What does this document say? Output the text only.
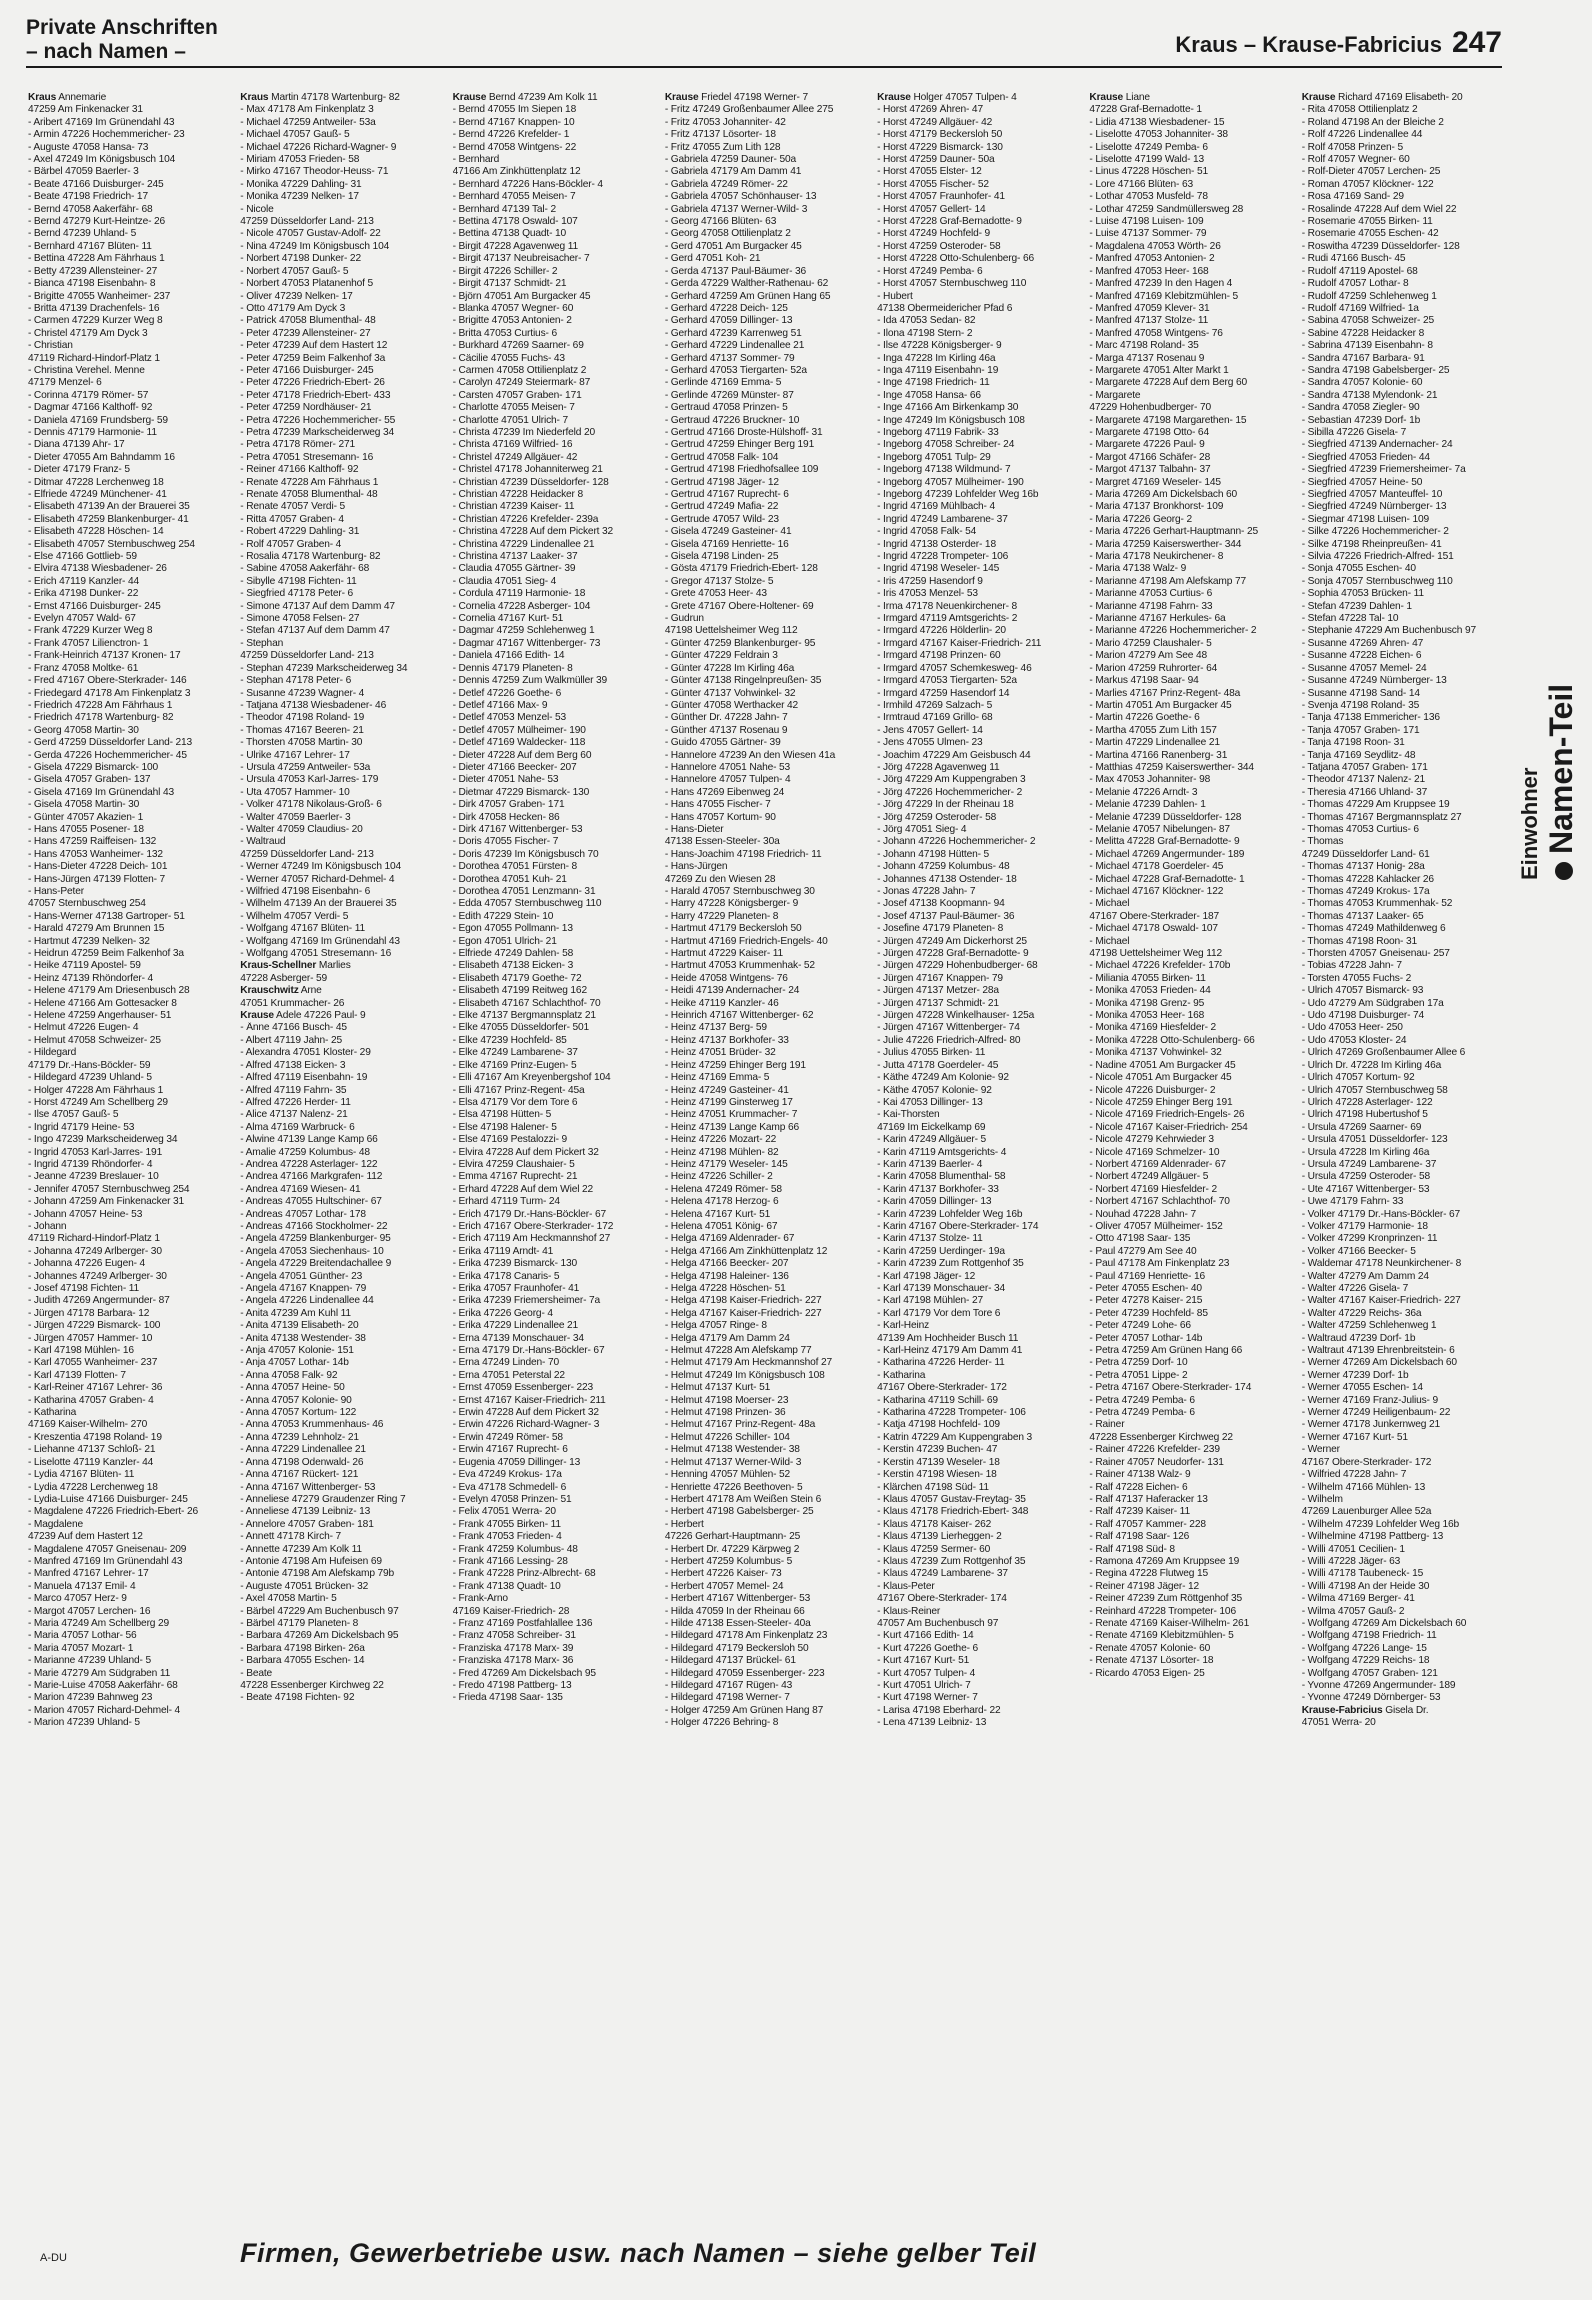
Private Anschriften
– nach Namen –	Kraus – Krause-Fabricius 247
Kraus Annemarie
47259 Am Finkenacker 31
- Aribert 47169 Im Grünendahl 43
- Armin 47226 Hochemmericher- 23
- Auguste 47058 Hansa- 73
- Axel 47249 Im Königsbusch 104
- Bärbel 47059 Baerler- 3
- Beate 47166 Duisburger- 245
- Beate 47198 Friedrich- 17
- Bernd 47058 Aakerfähr- 68
- Bernd 47279 Kurt-Heintze- 26
- Bernd 47239 Uhland- 5
- Bernhard 47167 Blüten- 11
- Bettina 47228 Am Fährhaus 1
- Betty 47239 Allensteiner- 27
- Bianca 47198 Eisenbahn- 8
- Brigitte 47055 Wanheimer- 237
- Britta 47139 Drachenfels- 16
- Carmen 47229 Kurzer Weg 8
- Christel 47179 Am Dyck 3
- Christian
47119 Richard-Hindorf-Platz 1
- Christina Verehel. Menne
47179 Menzel- 6
- Corinna 47179 Römer- 57
- Dagmar 47166 Kalthoff- 92
- Daniela 47169 Frundsberg- 59
- Dennis 47179 Harmonie- 11
- Diana 47139 Ahr- 17
- Dieter 47055 Am Bahndamm 16
- Dieter 47179 Franz- 5
- Ditmar 47228 Lerchenweg 18
- Elfriede 47249 Münchener- 41
- Elisabeth 47139 An der Brauerei 35
- Elisabeth 47259 Blankenburger- 41
- Elisabeth 47228 Höschen- 14
- Elisabeth 47057 Sternbuschweg 254
- Else 47166 Gottlieb- 59
- Elvira 47138 Wiesbadener- 26
- Erich 47119 Kanzler- 44
- Erika 47198 Dunker- 22
- Ernst 47166 Duisburger- 245
- Evelyn 47057 Wald- 67
- Frank 47229 Kurzer Weg 8
- Frank 47057 Lilienctron- 1
- Frank-Heinrich 47137 Kronen- 17
- Franz 47058 Moltke- 61
- Fred 47167 Obere-Sterkrader- 146
- Friedegard 47178 Am Finkenplatz 3
- Friedrich 47228 Am Fährhaus 1
- Friedrich 47178 Wartenburg- 82
- Georg 47058 Martin- 30
- Gerd 47259 Düsseldorfer Land- 213
- Gerda 47226 Hochemmericher- 45
- Gisela 47229 Bismarck- 100
- Gisela 47057 Graben- 137
- Gisela 47169 Im Grünendahl 43
- Gisela 47058 Martin- 30
- Günter 47057 Akazien- 1
- Hans 47055 Posener- 18
- Hans 47259 Raiffeisen- 132
- Hans 47053 Wanheimer- 132
- Hans-Dieter 47228 Deich- 101
- Hans-Jürgen 47139 Flotten- 7
- Hans-Peter
47057 Sternbuschweg 254
- Hans-Werner 47138 Gartroper- 51
- Harald 47279 Am Brunnen 15
- Hartmut 47239 Nelken- 32
- Heidrun 47259 Beim Falkenhof 3a
- Heike 47119 Apostel- 59
- Heinz 47139 Rhöndorfer- 4
- Helene 47179 Am Driesenbusch 28
- Helene 47166 Am Gottesacker 8
- Helene 47259 Angerhauser- 51
- Helmut 47226 Eugen- 4
- Helmut 47058 Schweizer- 25
- Hildegard
47179 Dr.-Hans-Böckler- 59
- Hildegard 47239 Uhland- 5
- Holger 47228 Am Fährhaus 1
- Horst 47249 Am Schellberg 29
- Ilse 47057 Gauß- 5
- Ingrid 47179 Heine- 53
- Ingo 47239 Markscheiderweg 34
- Ingrid 47053 Karl-Jarres- 191
- Ingrid 47139 Rhöndorfer- 4
- Jeanne 47239 Breslauer- 10
- Jennifer 47057 Sternbuschweg 254
- Johann 47259 Am Finkenacker 31
- Johann 47057 Heine- 53
- Johann
47119 Richard-Hindorf-Platz 1
- Johanna 47249 Arlberger- 30
- Johanna 47226 Eugen- 4
- Johannes 47249 Arlberger- 30
- Josef 47198 Fichten- 11
- Judith 47269 Angermunder- 87
- Jürgen 47178 Barbara- 12
- Jürgen 47229 Bismarck- 100
- Jürgen 47057 Hammer- 10
- Karl 47198 Mühlen- 16
- Karl 47055 Wanheimer- 237
- Karl 47139 Flotten- 7
- Karl-Reiner 47167 Lehrer- 36
- Katharina 47057 Graben- 4
- Katharina
47169 Kaiser-Wilhelm- 270
- Kreszentia 47198 Roland- 19
- Liehanne 47137 Schloß- 21
- Liselotte 47119 Kanzler- 44
- Lydia 47167 Blüten- 11
- Lydia 47228 Lerchenweg 18
- Lydia-Luise 47166 Duisburger- 245
- Magdalene 47226 Friedrich-Ebert- 26
- Magdalene
47239 Auf dem Hastert 12
- Magdalene 47057 Gneisenau- 209
- Manfred 47169 Im Grünendahl 43
- Manfred 47167 Lehrer- 17
- Manuela 47137 Emil- 4
- Marco 47057 Herz- 9
- Margot 47057 Lerchen- 16
- Maria 47249 Am Schellberg 29
- Maria 47057 Lothar- 56
- Maria 47057 Mozart- 1
- Marianne 47239 Uhland- 5
- Marie 47279 Am Südgraben 11
- Marie-Luise 47058 Aakerfähr- 68
- Marion 47239 Bahnweg 23
- Marion 47057 Richard-Dehmel- 4
- Marion 47239 Uhland- 5
Kraus Martin 47178 Wartenburg- 82
- Max 47178 Am Finkenplatz 3
- Michael 47259 Antweiler- 53a
- Michael 47057 Gauß- 5
- Michael 47226 Richard-Wagner- 9
- Miriam 47053 Frieden- 58
- Mirko 47167 Theodor-Heuss- 71
- Monika 47229 Dahling- 31
- Monika 47239 Nelken- 17
- Nicole
47259 Düsseldorfer Land- 213
- Nicole 47057 Gustav-Adolf- 22
- Nina 47249 Im Königsbusch 104
- Norbert 47198 Dunker- 22
- Norbert 47057 Gauß- 5
- Norbert 47053 Platanenhof 5
- Oliver 47239 Nelken- 17
- Otto 47179 Am Dyck 3
- Patrick 47058 Blumenthal- 48
- Peter 47239 Allensteiner- 27
- Peter 47239 Auf dem Hastert 12
- Peter 47259 Beim Falkenhof 3a
- Peter 47166 Duisburger- 245
- Peter 47226 Friedrich-Ebert- 26
- Peter 47178 Friedrich-Ebert- 433
- Peter 47259 Nordhäuser- 21
- Petra 47226 Hochemmericher- 55
- Petra 47239 Markscheiderweg 34
- Petra 47178 Römer- 271
- Petra 47051 Stresemann- 16
- Reiner 47166 Kalthoff- 92
- Renate 47228 Am Fährhaus 1
- Renate 47058 Blumenthal- 48
- Renate 47057 Verdi- 5
- Ritta 47057 Graben- 4
- Robert 47229 Dahling- 31
- Rolf 47057 Graben- 4
- Rosalia 47178 Wartenburg- 82
- Sabine 47058 Aakerfähr- 68
- Sibylle 47198 Fichten- 11
- Siegfried 47178 Peter- 6
- Simone 47137 Auf dem Damm 47
- Simone 47058 Felsen- 27
- Stefan 47137 Auf dem Damm 47
- Stephan
47259 Düsseldorfer Land- 213
- Stephan 47239 Markscheiderweg 34
- Stephan 47178 Peter- 6
- Susanne 47239 Wagner- 4
- Tatjana 47138 Wiesbadener- 46
- Theodor 47198 Roland- 19
- Thomas 47167 Beeren- 21
- Thorsten 47058 Martin- 30
- Ulrike 47167 Lehrer- 17
- Ursula 47259 Antweiler- 53a
- Ursula 47053 Karl-Jarres- 179
- Uta 47057 Hammer- 10
- Volker 47178 Nikolaus-Groß- 6
- Walter 47059 Baerler- 3
- Walter 47059 Claudius- 20
- Waltraud
47259 Düsseldorfer Land- 213
- Werner 47249 Im Königsbusch 104
- Werner 47057 Richard-Dehmel- 4
- Wilfried 47198 Eisenbahn- 6
- Wilhelm 47139 An der Brauerei 35
- Wilhelm 47057 Verdi- 5
- Wolfgang 47167 Blüten- 11
- Wolfgang 47169 Im Grünendahl 43
- Wolfgang 47051 Stresemann- 16
Kraus-Schellner Marlies
47228 Asberger- 59
Krauschwitz Arne
47051 Krummacher- 26
Krause Adele 47226 Paul- 9
- Änne 47166 Busch- 45
- Albert 47119 Jahn- 25
- Alexandra 47051 Kloster- 29
- Alfred 47138 Eicken- 3
- Alfred 47119 Eisenbahn- 19
- Alfred 47119 Fahrn- 35
- Alfred 47226 Herder- 11
- Alice 47137 Nalenz- 21
- Alma 47169 Warbruck- 6
- Alwine 47139 Lange Kamp 66
- Amalie 47259 Kolumbus- 48
- Andrea 47228 Asterlager- 122
- Andrea 47166 Markgrafen- 112
- Andrea 47169 Wiesen- 41
- Andreas 47055 Hultschiner- 67
- Andreas 47057 Lothar- 178
- Andreas 47166 Stockholmer- 22
- Angela 47259 Blankenburger- 95
- Angela 47053 Siechenhaus- 10
- Angela 47229 Breitendachallee 9
- Angela 47051 Günther- 23
- Angela 47167 Knappen- 79
- Angela 47226 Lindenallee 44
- Anita 47239 Am Kuhl 11
- Anita 47139 Elisabeth- 20
- Anita 47138 Westender- 38
- Anja 47057 Kolonie- 151
- Anja 47057 Lothar- 14b
- Anna 47058 Falk- 92
- Anna 47057 Heine- 50
- Anna 47057 Kolonie- 90
- Anna 47057 Kortum- 122
- Anna 47053 Krummenhaus- 46
- Anna 47239 Lehnholz- 21
- Anna 47229 Lindenallee 21
- Anna 47198 Odenwald- 26
- Anna 47167 Rückert- 121
- Anna 47167 Wittenberger- 53
- Anneliese 47279 Graudenzer Ring 7
- Anneliese 47139 Leibniz- 13
- Annelore 47057 Graben- 181
- Annett 47178 Kirch- 7
- Annette 47239 Am Kolk 11
- Antonie 47198 Am Hufeisen 69
- Antonie 47198 Am Alefskamp 79b
- Auguste 47051 Brücken- 32
- Axel 47058 Martin- 5
- Bärbel 47229 Am Buchenbusch 97
- Bärbel 47179 Planeten- 8
- Barbara 47269 Am Dickelsbach 95
- Barbara 47198 Birken- 26a
- Barbara 47055 Eschen- 14
- Beate
47228 Essenberger Kirchweg 22
- Beate 47198 Fichten- 92
Krause Bernd 47239 Am Kolk 11
- Bernd 47055 Im Siepen 18
- Bernd 47167 Knappen- 10
- Bernd 47226 Krefelder- 1
- Bernd 47058 Wintgens- 22
- Bernhard
47166 Am Zinkhüttenplatz 12
- Bernhard 47226 Hans-Böckler- 4
- Bernhard 47055 Meisen- 7
- Bernhard 47139 Tal- 2
- Bettina 47178 Oswald- 107
- Bettina 47138 Quadt- 10
- Birgit 47228 Agavenweg 11
- Birgit 47137 Neubreisacher- 7
- Birgit 47226 Schiller- 2
- Birgit 47137 Schmidt- 21
- Björn 47051 Am Burgacker 45
- Blanka 47057 Wegner- 60
- Brigitte 47053 Antonien- 2
- Britta 47053 Curtius- 6
- Burkhard 47269 Saarner- 69
- Cäcilie 47055 Fuchs- 43
- Carmen 47058 Ottilienplatz 2
- Carolyn 47249 Steiermark- 87
- Carsten 47057 Graben- 171
- Charlotte 47055 Meisen- 7
- Charlotte 47051 Ulrich- 7
- Christa 47239 Im Niederfeld 20
- Christa 47169 Wilfried- 16
- Christel 47249 Allgäuer- 42
- Christel 47178 Johanniterweg 21
- Christian 47239 Düsseldorfer- 128
- Christian 47228 Heidacker 8
- Christian 47239 Kaiser- 11
- Christian 47226 Krefelder- 239a
- Christina 47228 Auf dem Pickert 32
- Christina 47229 Lindenallee 21
- Christina 47137 Laaker- 37
- Claudia 47055 Gärtner- 39
- Claudia 47051 Sieg- 4
- Cordula 47119 Harmonie- 18
- Cornelia 47228 Asberger- 104
- Cornelia 47167 Kurt- 51
- Dagmar 47259 Schlehenweg 1
- Dagmar 47167 Wittenberger- 73
- Daniela 47166 Edith- 14
- Dennis 47179 Planeten- 8
- Dennis 47259 Zum Walkmüller 39
- Detlef 47226 Goethe- 6
- Detlef 47166 Max- 9
- Detlef 47053 Menzel- 53
- Detlef 47057 Mülheimer- 190
- Detlef 47169 Waldecker- 118
- Dieter 47228 Auf dem Berg 60
- Dieter 47166 Beecker- 207
- Dieter 47051 Nahe- 53
- Dietmar 47229 Bismarck- 130
- Dirk 47057 Graben- 171
- Dirk 47058 Hecken- 86
- Dirk 47167 Wittenberger- 53
- Doris 47055 Fischer- 7
- Doris 47239 Im Königsbusch 70
- Dorothea 47051 Fürsten- 8
- Dorothea 47051 Kuh- 21
- Dorothea 47051 Lenzmann- 31
- Edda 47057 Sternbuschweg 110
- Edith 47229 Stein- 10
- Egon 47055 Pollmann- 13
- Egon 47051 Ulrich- 21
- Elfriede 47249 Dahlen- 58
- Elisabeth 47138 Eicken- 3
- Elisabeth 47179 Goethe- 72
- Elisabeth 47199 Reitweg 162
- Elisabeth 47167 Schlachthof- 70
- Elke 47137 Bergmannsplatz 21
- Elke 47055 Düsseldorfer- 501
- Elke 47239 Hochfeld- 85
- Elke 47249 Lambarene- 37
- Elke 47169 Prinz-Eugen- 5
- Elli 47167 Am Kreyenbergshof 104
- Elli 47167 Prinz-Regent- 45a
- Elsa 47179 Vor dem Tore 6
- Elsa 47198 Hütten- 5
- Else 47198 Halener- 5
- Else 47169 Pestalozzi- 9
- Elvira 47228 Auf dem Pickert 32
- Elvira 47259 Claushaier- 5
- Emma 47167 Ruprecht- 21
- Erhard 47228 Auf dem Wiel 22
- Erhard 47119 Turm- 24
- Erich 47179 Dr.-Hans-Böckler- 67
- Erich 47167 Obere-Sterkrader- 172
- Erich 47119 Am Heckmannshof 27
- Erika 47119 Arndt- 41
- Erika 47239 Bismarck- 130
- Erika 47178 Canaris- 5
- Erika 47057 Fraunhofer- 41
- Erika 47239 Friemersheimer- 7a
- Erika 47226 Georg- 4
- Erika 47229 Lindenallee 21
- Erna 47139 Monschauer- 34
- Erna 47179 Dr.-Hans-Böckler- 67
- Erna 47249 Linden- 70
- Erna 47051 Peterstal 22
- Ernst 47059 Essenberger- 223
- Ernst 47167 Kaiser-Friedrich- 211
- Erwin 47228 Auf dem Pickert 32
- Erwin 47226 Richard-Wagner- 3
- Erwin 47249 Römer- 58
- Erwin 47167 Ruprecht- 6
- Eugenia 47059 Dillinger- 13
- Eva 47249 Krokus- 17a
- Eva 47178 Schmedell- 6
- Evelyn 47058 Prinzen- 51
- Felix 47051 Werra- 20
- Frank 47055 Birken- 11
- Frank 47053 Frieden- 4
- Frank 47259 Kolumbus- 48
- Frank 47166 Lessing- 28
- Frank 47228 Prinz-Albrecht- 68
- Frank 47138 Quadt- 10
- Frank-Arno
47169 Kaiser-Friedrich- 28
- Franz 47169 Postfahlallee 136
- Franz 47058 Schreiber- 31
- Franziska 47178 Marx- 39
- Franziska 47178 Marx- 36
- Fred 47269 Am Dickelsbach 95
- Fredo 47198 Pattberg- 13
- Frieda 47198 Saar- 135
Krause Friedel 47198 Werner- 7
- Fritz 47249 Großenbaumer Allee 275
- Fritz 47053 Johanniter- 42
- Fritz 47137 Lösorter- 18
- Fritz 47055 Zum Lith 128
- Gabriela 47259 Dauner- 50a
- Gabriela 47179 Am Damm 41
- Gabriela 47249 Römer- 22
- Gabriela 47057 Schönhauser- 13
- Gabriela 47137 Werner-Wild- 3
- Georg 47166 Blüten- 63
- Georg 47058 Ottilienplatz 2
- Gerd 47051 Am Burgacker 45
- Gerd 47051 Koh- 21
- Gerda 47137 Paul-Bäumer- 36
- Gerda 47229 Walther-Rathenau- 62
- Gerhard 47259 Am Grünen Hang 65
- Gerhard 47228 Deich- 125
- Gerhard 47059 Dillinger- 13
- Gerhard 47239 Karrenweg 51
- Gerhard 47229 Lindenallee 21
- Gerhard 47137 Sommer- 79
- Gerhard 47053 Tiergarten- 52a
- Gerlinde 47169 Emma- 5
- Gerlinde 47269 Münster- 87
- Gertraud 47058 Prinzen- 5
- Gertraud 47226 Bruckner- 10
- Gertrud 47166 Droste-Hülshoff- 31
- Gertrud 47259 Ehinger Berg 191
- Gertrud 47058 Falk- 104
- Gertrud 47198 Friedhofsallee 109
- Gertrud 47198 Jäger- 12
- Gertrud 47167 Ruprecht- 6
- Gertrud 47249 Mafia- 22
- Gertrude 47057 Wild- 23
- Gisela 47249 Gasteiner- 41
- Gisela 47169 Henriette- 16
- Gisela 47198 Linden- 25
- Gösta 47179 Friedrich-Ebert- 128
- Gregor 47137 Stolze- 5
- Grete 47053 Heer- 43
- Grete 47167 Obere-Holtener- 69
- Gudrun
47198 Uettelsheimer Weg 112
- Günter 47259 Blankenburger- 95
- Günter 47229 Feldrain 3
- Günter 47228 Im Kirling 46a
- Günter 47138 Ringelnpreußen- 35
- Günter 47137 Vohwinkel- 32
- Günter 47058 Werthacker 42
- Günther Dr. 47228 Jahn- 7
- Günther 47137 Rosenau 9
- Guido 47055 Gärtner- 39
- Hannelore 47239 An den Wiesen 41a
- Hannelore 47051 Nahe- 53
- Hannelore 47057 Tulpen- 4
- Hans 47269 Eibenweg 24
- Hans 47055 Fischer- 7
- Hans 47057 Kortum- 90
- Hans-Dieter
47138 Essen-Steeler- 30a
- Hans-Joachim 47198 Friedrich- 11
- Hans-Jürgen
47269 Zu den Wiesen 28
- Harald 47057 Sternbuschweg 30
- Harry 47228 Königsberger- 9
- Harry 47229 Planeten- 8
- Hartmut 47179 Beckersloh 50
- Hartmut 47169 Friedrich-Engels- 40
- Hartmut 47229 Kaiser- 11
- Hartmut 47053 Krummenhak- 52
- Heide 47058 Wintgens- 76
- Heidi 47139 Andernacher- 24
- Heike 47119 Kanzler- 46
- Heinrich 47167 Wittenberger- 62
- Heinz 47137 Berg- 59
- Heinz 47137 Borkhofer- 33
- Heinz 47051 Brüder- 32
- Heinz 47259 Ehinger Berg 191
- Heinz 47169 Emma- 5
- Heinz 47249 Gasteiner- 41
- Heinz 47199 Ginsterweg 17
- Heinz 47051 Krummacher- 7
- Heinz 47139 Lange Kamp 66
- Heinz 47226 Mozart- 22
- Heinz 47198 Mühlen- 82
- Heinz 47179 Weseler- 145
- Heinz 47226 Schiller- 2
- Helena 47249 Römer- 58
- Helena 47178 Herzog- 6
- Helena 47167 Kurt- 51
- Helena 47051 König- 67
- Helga 47169 Aldenrader- 67
- Helga 47166 Am Zinkhüttenplatz 12
- Helga 47166 Beecker- 207
- Helga 47198 Haleiner- 136
- Helga 47228 Höschen- 51
- Helga 47198 Kaiser-Friedrich- 227
- Helga 47167 Kaiser-Friedrich- 227
- Helga 47057 Ringe- 8
- Helga 47179 Am Damm 24
- Helmut 47228 Am Alefskamp 77
- Helmut 47179 Am Heckmannshof 27
- Helmut 47249 Im Königsbusch 108
- Helmut 47137 Kurt- 51
- Helmut 47198 Moerser- 23
- Helmut 47198 Prinzen- 36
- Helmut 47167 Prinz-Regent- 48a
- Helmut 47226 Schiller- 104
- Helmut 47138 Westender- 38
- Helmut 47137 Werner-Wild- 3
- Henning 47057 Mühlen- 52
- Henriette 47226 Beethoven- 5
- Herbert 47178 Am Weißen Stein 6
- Herbert 47198 Gabelsberger- 25
- Herbert
47226 Gerhart-Hauptmann- 25
- Herbert Dr. 47229 Kärpweg 2
- Herbert 47259 Kolumbus- 5
- Herbert 47226 Kaiser- 73
- Herbert 47057 Memel- 24
- Herbert 47167 Wittenberger- 53
- Hilda 47059 In der Rheinau 66
- Hilde 47138 Essen-Steeler- 40a
- Hildegard 47178 Am Finkenplatz 23
- Hildegard 47179 Beckersloh 50
- Hildegard 47137 Brückel- 61
- Hildegard 47059 Essenberger- 223
- Hildegard 47167 Rügen- 43
- Hildegard 47198 Werner- 7
- Holger 47259 Am Grünen Hang 87
- Holger 47226 Behring- 8
Krause Holger 47057 Tulpen- 4
- Horst 47269 Ähren- 47
- Horst 47249 Allgäuer- 42
- Horst 47179 Beckersloh 50
- Horst 47229 Bismarck- 130
- Horst 47259 Dauner- 50a
- Horst 47055 Elster- 12
- Horst 47055 Fischer- 52
- Horst 47057 Fraunhofer- 41
- Horst 47057 Gellert- 14
- Horst 47228 Graf-Bernadotte- 9
- Horst 47249 Hochfeld- 9
- Horst 47259 Osteroder- 58
- Horst 47228 Otto-Schulenberg- 66
- Horst 47249 Pemba- 6
- Horst 47057 Sternbuschweg 110
- Hubert
47138 Obermeidericher Pfad 6
- Ida 47053 Sedan- 82
- Ilona 47198 Stern- 2
- Ilse 47228 Königsberger- 9
- Inga 47228 Im Kirling 46a
- Inga 47119 Eisenbahn- 19
- Inge 47198 Friedrich- 11
- Inge 47058 Hansa- 66
- Inge 47166 Am Birkenkamp 30
- Inge 47249 Im Königsbusch 108
- Ingeborg 47119 Fabrik- 33
- Ingeborg 47058 Schreiber- 24
- Ingeborg 47051 Tulp- 29
- Ingeborg 47138 Wildmund- 7
- Ingeborg 47057 Mülheimer- 190
- Ingeborg 47239 Lohfelder Weg 16b
- Ingrid 47169 Mühlbach- 4
- Ingrid 47249 Lambarene- 37
- Ingrid 47058 Falk- 54
- Ingrid 47138 Osterder- 18
- Ingrid 47228 Trompeter- 106
- Ingrid 47198 Weseler- 145
- Iris 47259 Hasendorf 9
- Iris 47053 Menzel- 53
- Irma 47178 Neuenkirchener- 8
- Irmgard 47119 Amtsgerichts- 2
- Irmgard 47226 Hölderlin- 20
- Irmgard 47167 Kaiser-Friedrich- 211
- Irmgard 47198 Prinzen- 60
- Irmgard 47057 Schemkesweg- 46
- Irmgard 47053 Tiergarten- 52a
- Irmgard 47259 Hasendorf 14
- Irmhild 47269 Salzach- 5
- Irmtraud 47169 Grillo- 68
- Jens 47057 Gellert- 14
- Jens 47055 Ulmen- 23
- Joachim 47229 Am Geisbusch 44
- Jörg 47228 Agavenweg 11
- Jörg 47229 Am Kuppengraben 3
- Jörg 47226 Hochemmericher- 2
- Jörg 47229 In der Rheinau 18
- Jörg 47259 Osteroder- 58
- Jörg 47051 Sieg- 4
- Johann 47226 Hochemmericher- 2
- Johann 47198 Hütten- 5
- Johann 47259 Kolumbus- 48
- Johannes 47138 Ostender- 18
- Jonas 47228 Jahn- 7
- Josef 47138 Koopmann- 94
- Josef 47137 Paul-Bäumer- 36
- Josefine 47179 Planeten- 8
- Jürgen 47249 Am Dickerhorst 25
- Jürgen 47228 Graf-Bernadotte- 9
- Jürgen 47229 Hohenbudberger- 68
- Jürgen 47167 Knappen- 79
- Jürgen 47137 Metzer- 28a
- Jürgen 47137 Schmidt- 21
- Jürgen 47228 Winkelhauser- 125a
- Jürgen 47167 Wittenberger- 74
- Julie 47226 Friedrich-Alfred- 80
- Julius 47055 Birken- 11
- Jutta 47178 Goerdeler- 45
- Käthe 47249 Am Kolonie- 92
- Käthe 47057 Kolonie- 92
- Kai 47053 Dillinger- 13
- Kai-Thorsten
47169 Im Eickelkamp 69
- Karin 47249 Allgäuer- 5
- Karin 47119 Amtsgerichts- 4
- Karin 47139 Baerler- 4
- Karin 47058 Blumenthal- 58
- Karin 47137 Borkhofer- 33
- Karin 47059 Dillinger- 13
- Karin 47239 Lohfelder Weg 16b
- Karin 47167 Obere-Sterkrader- 174
- Karin 47137 Stolze- 11
- Karin 47259 Uerdinger- 19a
- Karin 47239 Zum Rottgenhof 35
- Karl 47198 Jäger- 12
- Karl 47139 Monschauer- 34
- Karl 47198 Mühlen- 27
- Karl 47179 Vor dem Tore 6
- Karl-Heinz
47139 Am Hochheider Busch 11
- Karl-Heinz 47179 Am Damm 41
- Katharina 47226 Herder- 11
- Katharina
47167 Obere-Sterkrader- 172
- Katharina 47119 Schill- 69
- Katharina 47228 Trompeter- 106
- Katja 47198 Hochfeld- 109
- Katrin 47229 Am Kuppengraben 3
- Kerstin 47239 Buchen- 47
- Kerstin 47139 Weseler- 18
- Kerstin 47198 Wiesen- 18
- Klärchen 47198 Süd- 11
- Klaus 47057 Gustav-Freytag- 35
- Klaus 47178 Friedrich-Ebert- 348
- Klaus 47178 Kaiser- 262
- Klaus 47139 Lierheggen- 2
- Klaus 47259 Sermer- 60
- Klaus 47239 Zum Rottgenhof 35
- Klaus 47249 Lambarene- 37
- Klaus-Peter
47167 Obere-Sterkrader- 174
- Klaus-Reiner
47057 Am Buchenbusch 97
- Kurt 47166 Edith- 14
- Kurt 47226 Goethe- 6
- Kurt 47167 Kurt- 51
- Kurt 47057 Tulpen- 4
- Kurt 47051 Ulrich- 7
- Kurt 47198 Werner- 7
- Larisa 47198 Eberhard- 22
- Lena 47139 Leibniz- 13
Krause Liane
47228 Graf-Bernadotte- 1
- Lidia 47138 Wiesbadener- 15
- Liselotte 47053 Johanniter- 38
- Liselotte 47249 Pemba- 6
- Liselotte 47199 Wald- 13
- Linus 47228 Höschen- 51
- Lore 47166 Blüten- 63
- Lothar 47053 Musfeld- 78
- Lothar 47259 Sandmüllersweg 28
- Luise 47198 Luisen- 109
- Luise 47137 Sommer- 79
- Magdalena 47053 Wörth- 26
- Manfred 47053 Antonien- 2
- Manfred 47053 Heer- 168
- Manfred 47239 In den Hagen 4
- Manfred 47169 Klebitzmühlen- 5
- Manfred 47059 Klever- 31
- Manfred 47137 Stolze- 11
- Manfred 47058 Wintgens- 76
- Marc 47198 Roland- 35
- Marga 47137 Rosenau 9
- Margarete 47051 Alter Markt 1
- Margarete 47228 Auf dem Berg 60
- Margarete
47229 Hohenbudberger- 70
- Margarete 47198 Margarethen- 15
- Margarete 47198 Otto- 64
- Margarete 47226 Paul- 9
- Margot 47166 Schäfer- 28
- Margot 47137 Talbahn- 37
- Margret 47169 Weseler- 145
- Maria 47269 Am Dickelsbach 60
- Maria 47137 Bronkhorst- 109
- Maria 47226 Georg- 2
- Maria 47226 Gerhart-Hauptmann- 25
- Maria 47259 Kaiserswerther- 344
- Maria 47178 Neukirchener- 8
- Maria 47138 Walz- 9
- Marianne 47198 Am Alefskamp 77
- Marianne 47053 Curtius- 6
- Marianne 47198 Fahrn- 33
- Marianne 47167 Herkules- 6a
- Marianne 47226 Hochemmericher- 2
- Mario 47259 Claushaler- 5
- Marion 47279 Am See 48
- Marion 47259 Ruhrorter- 64
- Markus 47198 Saar- 94
- Marlies 47167 Prinz-Regent- 48a
- Martin 47051 Am Burgacker 45
- Martin 47226 Goethe- 6
- Martha 47055 Zum Lith 157
- Martin 47229 Lindenallee 21
- Martina 47166 Ranenberg- 31
- Matthias 47259 Kaiserswerther- 344
- Max 47053 Johanniter- 98
- Melanie 47226 Arndt- 3
- Melanie 47239 Dahlen- 1
- Melanie 47239 Düsseldorfer- 128
- Melanie 47057 Nibelungen- 87
- Melitta 47228 Graf-Bernadotte- 9
- Michael 47269 Angermunder- 189
- Michael 47178 Goerdeler- 45
- Michael 47228 Graf-Bernadotte- 1
- Michael 47167 Klöckner- 122
- Michael
47167 Obere-Sterkrader- 187
- Michael 47178 Oswald- 107
- Michael
47198 Uettelsheimer Weg 112
- Michael 47226 Krefelder- 170b
- Miliania 47055 Birken- 11
- Monika 47053 Frieden- 44
- Monika 47198 Grenz- 95
- Monika 47053 Heer- 168
- Monika 47169 Hiesfelder- 2
- Monika 47228 Otto-Schulenberg- 66
- Monika 47137 Vohwinkel- 32
- Nadine 47051 Am Burgacker 45
- Nicole 47051 Am Burgacker 45
- Nicole 47226 Duisburger- 2
- Nicole 47259 Ehinger Berg 191
- Nicole 47169 Friedrich-Engels- 26
- Nicole 47167 Kaiser-Friedrich- 254
- Nicole 47279 Kehrwieder 3
- Nicole 47169 Schmelzer- 10
- Norbert 47169 Aldenrader- 67
- Norbert 47249 Allgäuer- 5
- Norbert 47169 Hiesfelder- 2
- Norbert 47167 Schlachthof- 70
- Nouhad 47228 Jahn- 7
- Oliver 47057 Mülheimer- 152
- Otto 47198 Saar- 135
- Paul 47279 Am See 40
- Paul 47178 Am Finkenplatz 23
- Paul 47169 Henriette- 16
- Peter 47055 Eschen- 40
- Peter 47278 Kaiser- 215
- Peter 47239 Hochfeld- 85
- Peter 47249 Lohe- 66
- Peter 47057 Lothar- 14b
- Petra 47259 Am Grünen Hang 66
- Petra 47259 Dorf- 10
- Petra 47051 Lippe- 2
- Petra 47167 Obere-Sterkrader- 174
- Petra 47249 Pemba- 6
- Petra 47249 Pemba- 6
- Rainer
47228 Essenberger Kirchweg 22
- Rainer 47226 Krefelder- 239
- Rainer 47057 Neudorfer- 131
- Rainer 47138 Walz- 9
- Ralf 47228 Eichen- 6
- Ralf 47137 Haferacker 13
- Ralf 47239 Kaiser- 11
- Ralf 47057 Kammer- 228
- Ralf 47198 Saar- 126
- Ralf 47198 Süd- 8
- Ramona 47269 Am Kruppsee 19
- Regina 47228 Flutweg 15
- Reiner 47198 Jäger- 12
- Reiner 47239 Zum Röttgenhof 35
- Reinhard 47228 Trompeter- 106
- Renate 47169 Kaiser-Wilhelm- 261
- Renate 47169 Klebitzmühlen- 5
- Renate 47057 Kolonie- 60
- Renate 47137 Lösorter- 18
- Ricardo 47053 Eigen- 25
Krause Richard 47169 Elisabeth- 20
- Rita 47058 Ottilienplatz 2
- Roland 47198 An der Bleiche 2
- Rolf 47226 Lindenallee 44
- Rolf 47058 Prinzen- 5
- Rolf 47057 Wegner- 60
- Rolf-Dieter 47057 Lerchen- 25
- Roman 47057 Klöckner- 122
- Rosa 47169 Sand- 29
- Rosalinde 47228 Auf dem Wiel 22
- Rosemarie 47055 Birken- 11
- Rosemarie 47055 Eschen- 42
- Roswitha 47239 Düsseldorfer- 128
- Rudi 47166 Busch- 45
- Rudolf 47119 Apostel- 68
- Rudolf 47057 Lothar- 8
- Rudolf 47259 Schlehenweg 1
- Rudolf 47169 Wilfried- 1a
- Sabina 47058 Schweizer- 25
- Sabine 47228 Heidacker 8
- Sabrina 47139 Eisenbahn- 8
- Sandra 47167 Barbara- 91
- Sandra 47198 Gabelsberger- 25
- Sandra 47057 Kolonie- 60
- Sandra 47138 Mylendonk- 21
- Sandra 47058 Ziegler- 90
- Sebastian 47239 Dorf- 1b
- Sibilla 47226 Gisela- 7
- Siegfried 47139 Andernacher- 24
- Siegfried 47053 Frieden- 44
- Siegfried 47239 Friemersheimer- 7a
- Siegfried 47057 Heine- 50
- Siegfried 47057 Manteuffel- 10
- Siegfried 47249 Nürnberger- 13
- Siegmar 47198 Luisen- 109
- Silke 47226 Hochemmericher- 2
- Silke 47198 Rheinpreußen- 41
- Silvia 47226 Friedrich-Alfred- 151
- Sonja 47055 Eschen- 40
- Sonja 47057 Sternbuschweg 110
- Sophia 47053 Brücken- 11
- Stefan 47239 Dahlen- 1
- Stefan 47228 Tal- 10
- Stephanie 47229 Am Buchenbusch 97
- Susanne 47269 Ähren- 47
- Susanne 47228 Eichen- 6
- Susanne 47057 Memel- 24
- Susanne 47249 Nürnberger- 13
- Susanne 47198 Sand- 14
- Svenja 47198 Roland- 35
- Tanja 47138 Emmericher- 136
- Tanja 47057 Graben- 171
- Tanja 47198 Roon- 31
- Tanja 47169 Seydlitz- 48
- Tatjana 47057 Graben- 171
- Theodor 47137 Nalenz- 21
- Theresia 47166 Uhland- 37
- Thomas 47229 Am Kruppsee 19
- Thomas 47167 Bergmannsplatz 27
- Thomas 47053 Curtius- 6
- Thomas
47249 Düsseldorfer Land- 61
- Thomas 47137 Honig- 28a
- Thomas 47228 Kahlacker 26
- Thomas 47249 Krokus- 17a
- Thomas 47053 Krummenhak- 52
- Thomas 47137 Laaker- 65
- Thomas 47249 Mathildenweg 6
- Thomas 47198 Roon- 31
- Thorsten 47057 Gneisenau- 257
- Tobias 47228 Jahn- 7
- Torsten 47055 Fuchs- 2
- Ulrich 47057 Bismarck- 93
- Udo 47279 Am Südgraben 17a
- Udo 47198 Duisburger- 74
- Udo 47053 Heer- 250
- Udo 47053 Kloster- 24
- Ulrich 47269 Großenbaumer Allee 6
- Ulrich Dr. 47228 Im Kirling 46a
- Ulrich 47057 Kortum- 92
- Ulrich 47057 Sternbuschweg 58
- Ulrich 47228 Asterlager- 122
- Ulrich 47198 Hubertushof 5
- Ursula 47269 Saarner- 69
- Ursula 47051 Düsseldorfer- 123
- Ursula 47228 Im Kirling 46a
- Ursula 47249 Lambarene- 37
- Ursula 47259 Osteroder- 58
- Ute 47167 Wittenberger- 53
- Uwe 47179 Fahrn- 33
- Volker 47179 Dr.-Hans-Böckler- 67
- Volker 47179 Harmonie- 18
- Volker 47299 Kronprinzen- 11
- Volker 47166 Beecker- 5
- Waldemar 47178 Neunkirchener- 8
- Walter 47279 Am Damm 24
- Walter 47226 Gisela- 7
- Walter 47167 Kaiser-Friedrich- 227
- Walter 47229 Reichs- 36a
- Walter 47259 Schlehenweg 1
- Waltraud 47239 Dorf- 1b
- Waltraut 47139 Ehrenbreitstein- 6
- Werner 47269 Am Dickelsbach 60
- Werner 47239 Dorf- 1b
- Werner 47055 Eschen- 14
- Werner 47169 Franz-Julius- 9
- Werner 47249 Heiligenbaum- 22
- Werner 47178 Junkernweg 21
- Werner 47167 Kurt- 51
- Werner
47167 Obere-Sterkrader- 172
- Wilfried 47228 Jahn- 7
- Wilhelm 47166 Mühlen- 13
- Wilhelm
47269 Lauenburger Allee 52a
- Wilhelm 47239 Lohfelder Weg 16b
- Wilhelmine 47198 Pattberg- 13
- Willi 47051 Cecilien- 1
- Willi 47228 Jäger- 63
- Willi 47178 Taubeneck- 15
- Willi 47198 An der Heide 30
- Wilma 47169 Berger- 41
- Wilma 47057 Gauß- 2
- Wolfgang 47269 Am Dickelsbach 60
- Wolfgang 47198 Friedrich- 11
- Wolfgang 47226 Lange- 15
- Wolfgang 47229 Reichs- 18
- Wolfgang 47057 Graben- 121
- Yvonne 47269 Angermunder- 189
- Yvonne 47249 Dörnberger- 53
Krause-Fabricius Gisela Dr.
47051 Werra- 20
Einwohner Namen-Teil
A-DU	Firmen, Gewerbetriebe usw. nach Namen – siehe gelber Teil
